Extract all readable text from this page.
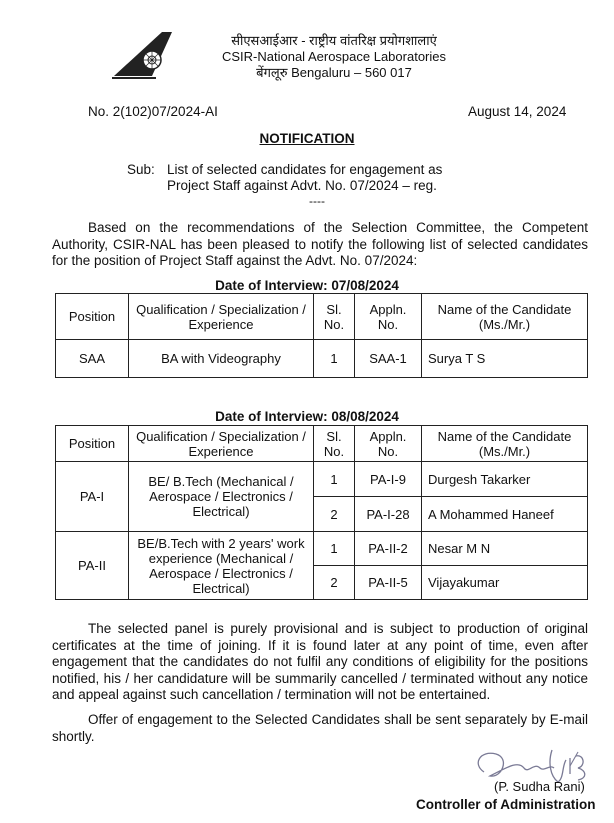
सीएसआईआर - राष्ट्रीय वांतरिक्ष प्रयोगशालाएं
CSIR-National Aerospace Laboratories
बेंगलूरु Bengaluru – 560 017
No. 2(102)07/2024-AI	August 14, 2024
NOTIFICATION
Sub: List of selected candidates for engagement as Project Staff against Advt. No. 07/2024 – reg.
----

Based on the recommendations of the Selection Committee, the Competent Authority, CSIR-NAL has been pleased to notify the following list of selected candidates for the position of Project Staff against the Advt. No. 07/2024:

Date of Interview: 07/08/2024
Position	Qualification / Specialization / Experience	Sl. No.	Appln. No.	Name of the Candidate (Ms./Mr.)
SAA	BA with Videography	1	SAA-1	Surya T S
Date of Interview: 08/08/2024
Position	Qualification / Specialization / Experience	Sl. No.	Appln. No.	Name of the Candidate (Ms./Mr.)
PA-I	BE/ B.Tech (Mechanical / Aerospace / Electronics / Electrical)	1	PA-I-9	Durgesh Takarker
		2	PA-I-28	A Mohammed Haneef
PA-II	BE/B.Tech with 2 years' work experience (Mechanical / Aerospace / Electronics / Electrical)	1	PA-II-2	Nesar M N
		2	PA-II-5	Vijayakumar

The selected panel is purely provisional and is subject to production of original certificates at the time of joining. If it is found later at any point of time, even after engagement that the candidates do not fulfil any conditions of eligibility for the positions notified, his / her candidature will be summarily cancelled / terminated without any notice and appeal against such cancellation / termination will not be entertained.

Offer of engagement to the Selected Candidates shall be sent separately by E-mail shortly.

(P. Sudha Rani)
Controller of Administration
